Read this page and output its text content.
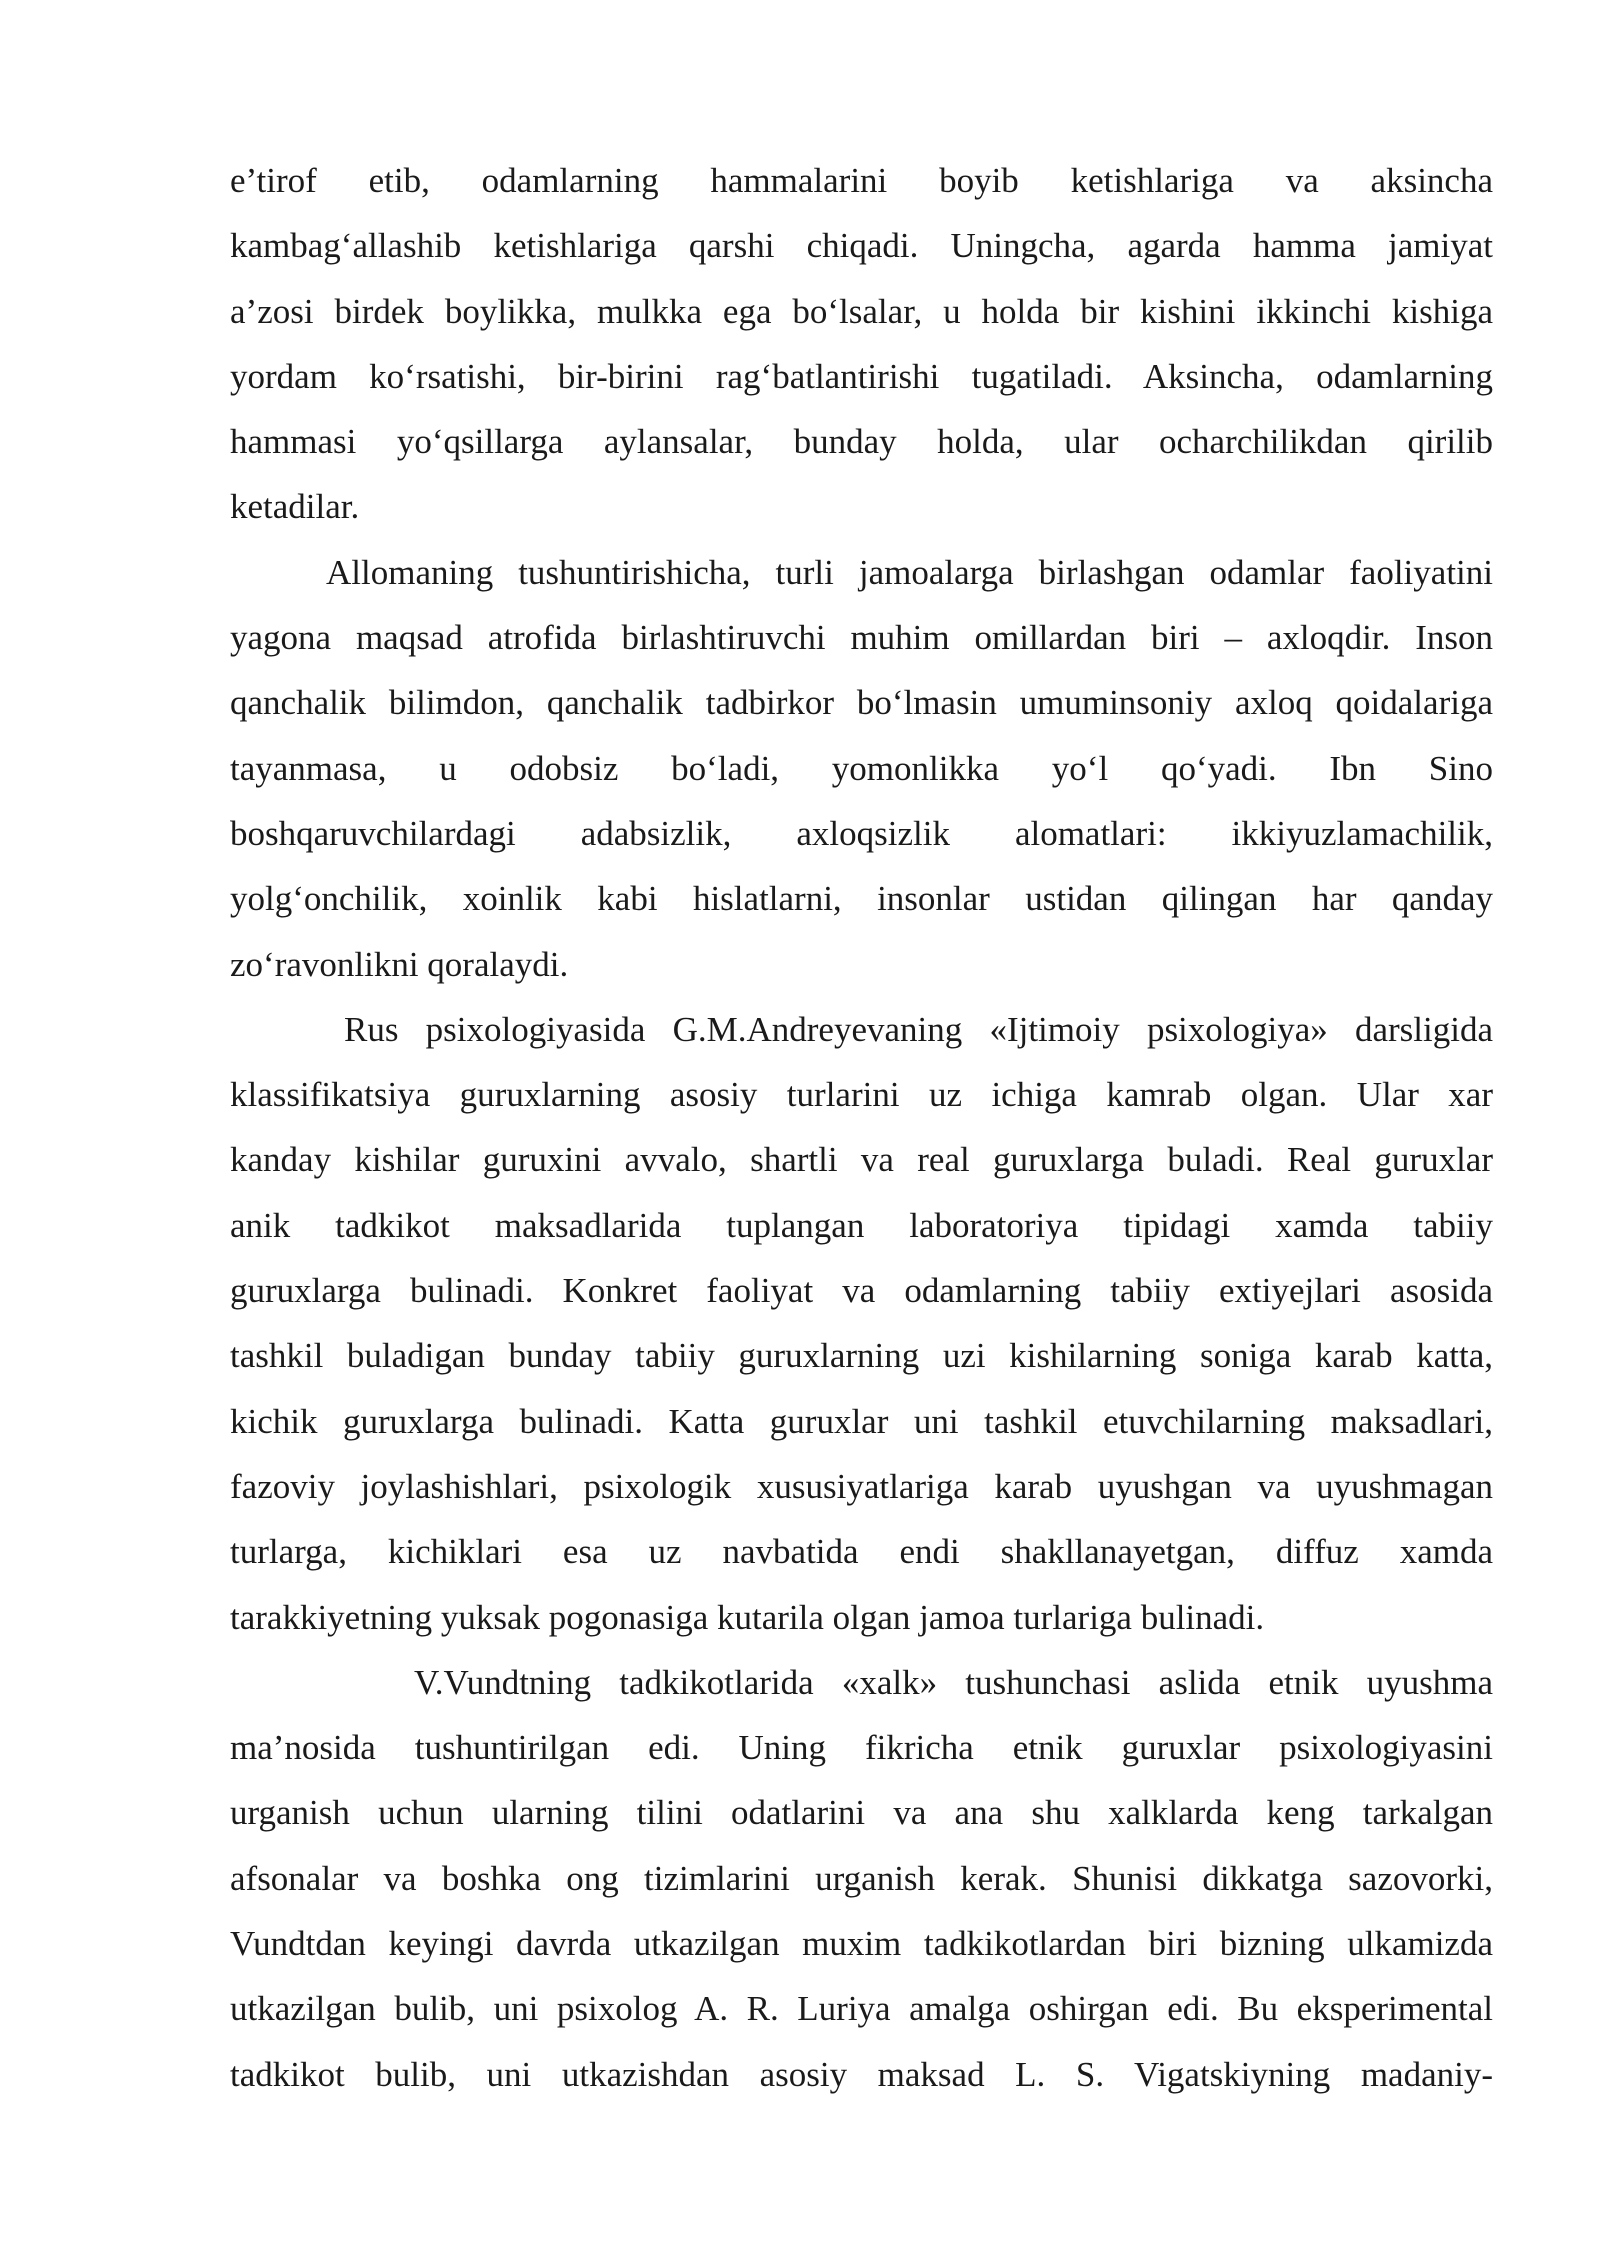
e’tirof etib, odamlarning hammalarini boyib ketishlariga va aksincha
kambag‘allashib ketishlariga qarshi chiqadi. Uningcha, agarda hamma jamiyat
a’zosi birdek boylikka, mulkka ega bo‘lsalar, u holda bir kishini ikkinchi kishiga
yordam ko‘rsatishi, bir-birini rag‘batlantirishi tugatiladi. Aksincha, odamlarning
hammasi yo‘qsillarga aylansalar, bunday holda, ular ocharchilikdan qirilib
ketadilar.
Allomaning tushuntirishicha, turli jamoalarga birlashgan odamlar faoliyatini
yagona maqsad atrofida birlashtiruvchi muhim omillardan biri – axloqdir. Inson
qanchalik bilimdon, qanchalik tadbirkor bo‘lmasin umuminsoniy axloq qoidalariga
tayanmasa, u odobsiz bo‘ladi, yomonlikka yo‘l qo‘yadi. Ibn Sino
boshqaruvchilardagi adabsizlik, axloqsizlik alomatlari: ikkiyuzlamachilik,
yolg‘onchilik, xoinlik kabi hislatlarni, insonlar ustidan qilingan har qanday
zo‘ravonlikni qoralaydi.
Rus psixologiyasida G.M.Andreyevaning «Ijtimoiy psixologiya» darsligida
klassifikatsiya guruxlarning asosiy turlarini uz ichiga kamrab olgan. Ular xar
kanday kishilar guruxini avvalo, shartli va real guruxlarga buladi. Real guruxlar
anik tadkikot maksadlarida tuplangan laboratoriya tipidagi xamda tabiiy
guruxlarga bulinadi. Konkret faoliyat va odamlarning tabiiy extiyejlari asosida
tashkil buladigan bunday tabiiy guruxlarning uzi kishilarning soniga karab katta,
kichik guruxlarga bulinadi. Katta guruxlar uni tashkil etuvchilarning maksadlari,
fazoviy joylashishlari, psixologik xususiyatlariga karab uyushgan va uyushmagan
turlarga, kichiklari esa uz navbatida endi shakllanayetgan, diffuz xamda
tarakkiyetning yuksak pogonasiga kutarila olgan jamoa turlariga bulinadi.
V.Vundtning tadkikotlarida «xalk» tushunchasi aslida etnik uyushma
ma’nosida tushuntirilgan edi. Uning fikricha etnik guruxlar psixologiyasini
urganish uchun ularning tilini odatlarini va ana shu xalklarda keng tarkalgan
afsonalar va boshka ong tizimlarini urganish kerak. Shunisi dikkatga sazovorki,
Vundtdan keyingi davrda utkazilgan muxim tadkikotlardan biri bizning ulkamizda
utkazilgan bulib, uni psixolog A. R. Luriya amalga oshirgan edi. Bu eksperimental
tadkikot bulib, uni utkazishdan asosiy maksad L. S. Vigatskiyning madaniy-
